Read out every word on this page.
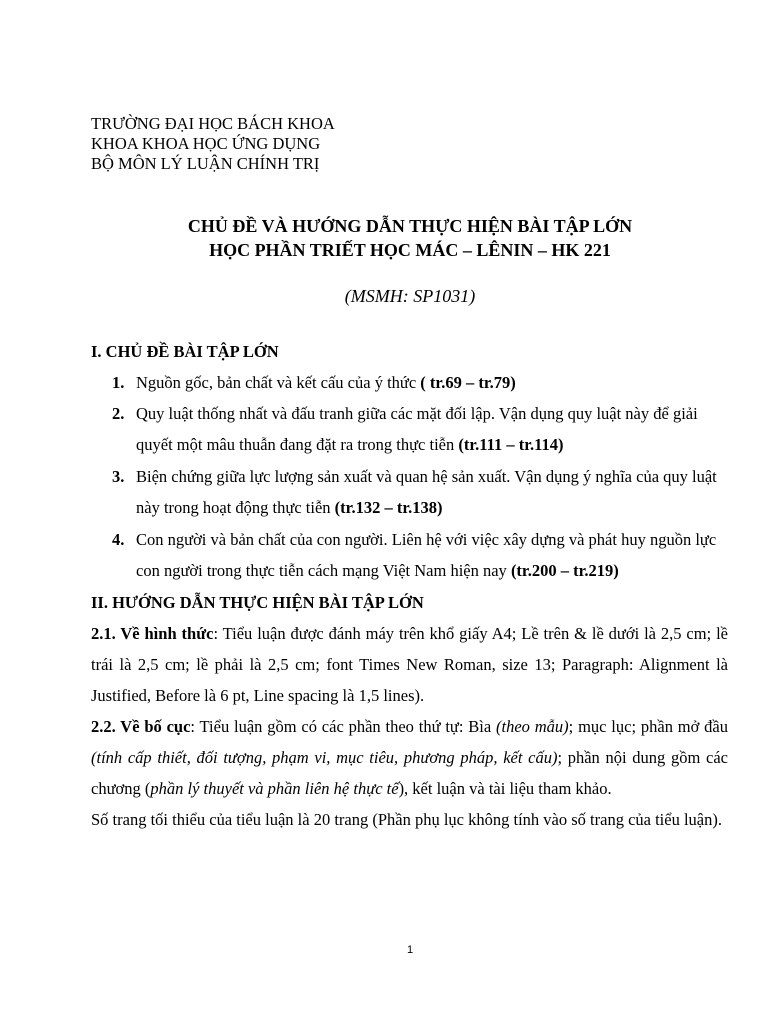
TRƯỜNG ĐẠI HỌC BÁCH KHOA
KHOA KHOA HỌC ỨNG DỤNG
BỘ MÔN LÝ LUẬN CHÍNH TRỊ
CHỦ ĐỀ VÀ HƯỚNG DẪN THỰC HIỆN BÀI TẬP LỚN
HỌC PHẦN TRIẾT HỌC MÁC – LÊNIN – HK 221
(MSMH: SP1031)
I. CHỦ ĐỀ BÀI TẬP LỚN
1. Nguồn gốc, bản chất và kết cấu của ý thức ( tr.69 – tr.79)
2. Quy luật thống nhất và đấu tranh giữa các mặt đối lập. Vận dụng quy luật này để giải quyết một mâu thuẫn đang đặt ra trong thực tiễn (tr.111 – tr.114)
3. Biện chứng giữa lực lượng sản xuất và quan hệ sản xuất. Vận dụng ý nghĩa của quy luật này trong hoạt động thực tiễn (tr.132 – tr.138)
4. Con người và bản chất của con người. Liên hệ với việc xây dựng và phát huy nguồn lực con người trong thực tiễn cách mạng Việt Nam hiện nay (tr.200 – tr.219)
II. HƯỚNG DẪN THỰC HIỆN BÀI TẬP LỚN
2.1. Về hình thức: Tiểu luận được đánh máy trên khổ giấy A4; Lề trên & lề dưới là 2,5 cm; lề trái là 2,5 cm; lề phải là 2,5 cm; font Times New Roman, size 13; Paragraph: Alignment là Justified, Before là 6 pt, Line spacing là 1,5 lines).
2.2. Về bố cục: Tiểu luận gồm có các phần theo thứ tự: Bìa (theo mẫu); mục lục; phần mở đầu (tính cấp thiết, đối tượng, phạm vi, mục tiêu, phương pháp, kết cấu); phần nội dung gồm các chương (phần lý thuyết và phần liên hệ thực tế), kết luận và tài liệu tham khảo.
Số trang tối thiểu của tiểu luận là 20 trang (Phần phụ lục không tính vào số trang của tiểu luận).
1
